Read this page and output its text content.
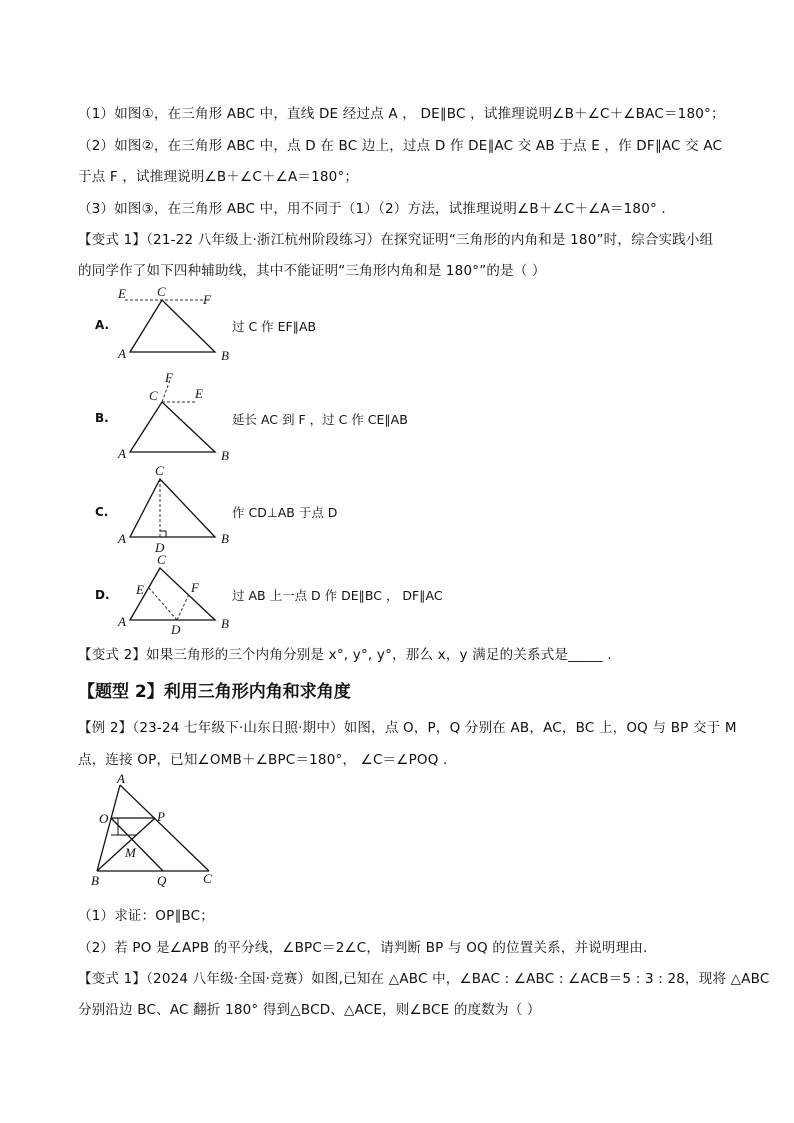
（1）如图①，在三角形 ABC 中，直线 DE 经过点 A ， DE∥BC ，试推理说明∠B＋∠C＋∠BAC＝180°；
（2）如图②，在三角形 ABC 中，点 D 在 BC 边上，过点 D 作 DE∥AC 交 AB 于点 E ，作 DF∥AC 交 AC
于点 F ，试推理说明∠B＋∠C＋∠A＝180°；
（3）如图③，在三角形 ABC 中，用不同于（1）（2）方法，试推理说明∠B＋∠C＋∠A＝180° .
【变式 1】（21-22 八年级上·浙江杭州阶段练习）在探究证明“三角形的内角和是 180”时，综合实践小组
的同学作了如下四种辅助线，其中不能证明“三角形内角和是 180°”的是（ ）
A.
E C
F
A	B
过 C 作 EF∥AB
B.
F
C	E
A	B
延长 AC 到 F ，过 C 作 CE∥AB
C.
C
A
D
B
作 CD⊥AB 于点 D
D.
C
E	F
A
D	B
过 AB 上一点 D 作 DE∥BC ， DF∥AC
【变式 2】如果三角形的三个内角分别是 x°, y°, y°，那么 x，y 满足的关系式是_____ .
【题型 2】利用三角形内角和求角度
【例 2】（23-24 七年级下·山东日照·期中）如图，点 O，P，Q 分别在 AB，AC，BC 上，OQ 与 BP 交于 M
点，连接 OP，已知∠OMB＋∠BPC＝180°， ∠C＝∠POQ .
A
O	P
M
B	Q	C
（1）求证：OP∥BC；
（2）若 PO 是∠APB 的平分线，∠BPC＝2∠C，请判断 BP 与 OQ 的位置关系，并说明理由.
【变式 1】（2024 八年级·全国·竞赛）如图,已知在 △ABC 中，∠BAC : ∠ABC : ∠ACB＝5 : 3 : 28，现将 △ABC
分别沿边 BC、AC 翻折 180° 得到△BCD、△ACE，则∠BCE 的度数为（ ）
